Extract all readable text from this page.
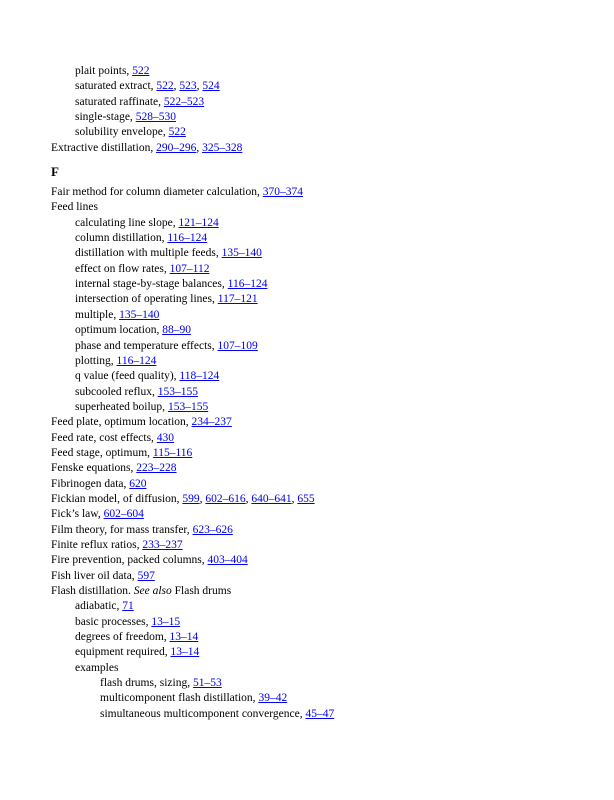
plait points, 522
saturated extract, 522, 523, 524
saturated raffinate, 522–523
single-stage, 528–530
solubility envelope, 522
Extractive distillation, 290–296, 325–328
F
Fair method for column diameter calculation, 370–374
Feed lines
calculating line slope, 121–124
column distillation, 116–124
distillation with multiple feeds, 135–140
effect on flow rates, 107–112
internal stage-by-stage balances, 116–124
intersection of operating lines, 117–121
multiple, 135–140
optimum location, 88–90
phase and temperature effects, 107–109
plotting, 116–124
q value (feed quality), 118–124
subcooled reflux, 153–155
superheated boilup, 153–155
Feed plate, optimum location, 234–237
Feed rate, cost effects, 430
Feed stage, optimum, 115–116
Fenske equations, 223–228
Fibrinogen data, 620
Fickian model, of diffusion, 599, 602–616, 640–641, 655
Fick’s law, 602–604
Film theory, for mass transfer, 623–626
Finite reflux ratios, 233–237
Fire prevention, packed columns, 403–404
Fish liver oil data, 597
Flash distillation. See also Flash drums
adiabatic, 71
basic processes, 13–15
degrees of freedom, 13–14
equipment required, 13–14
examples
flash drums, sizing, 51–53
multicomponent flash distillation, 39–42
simultaneous multicomponent convergence, 45–47
